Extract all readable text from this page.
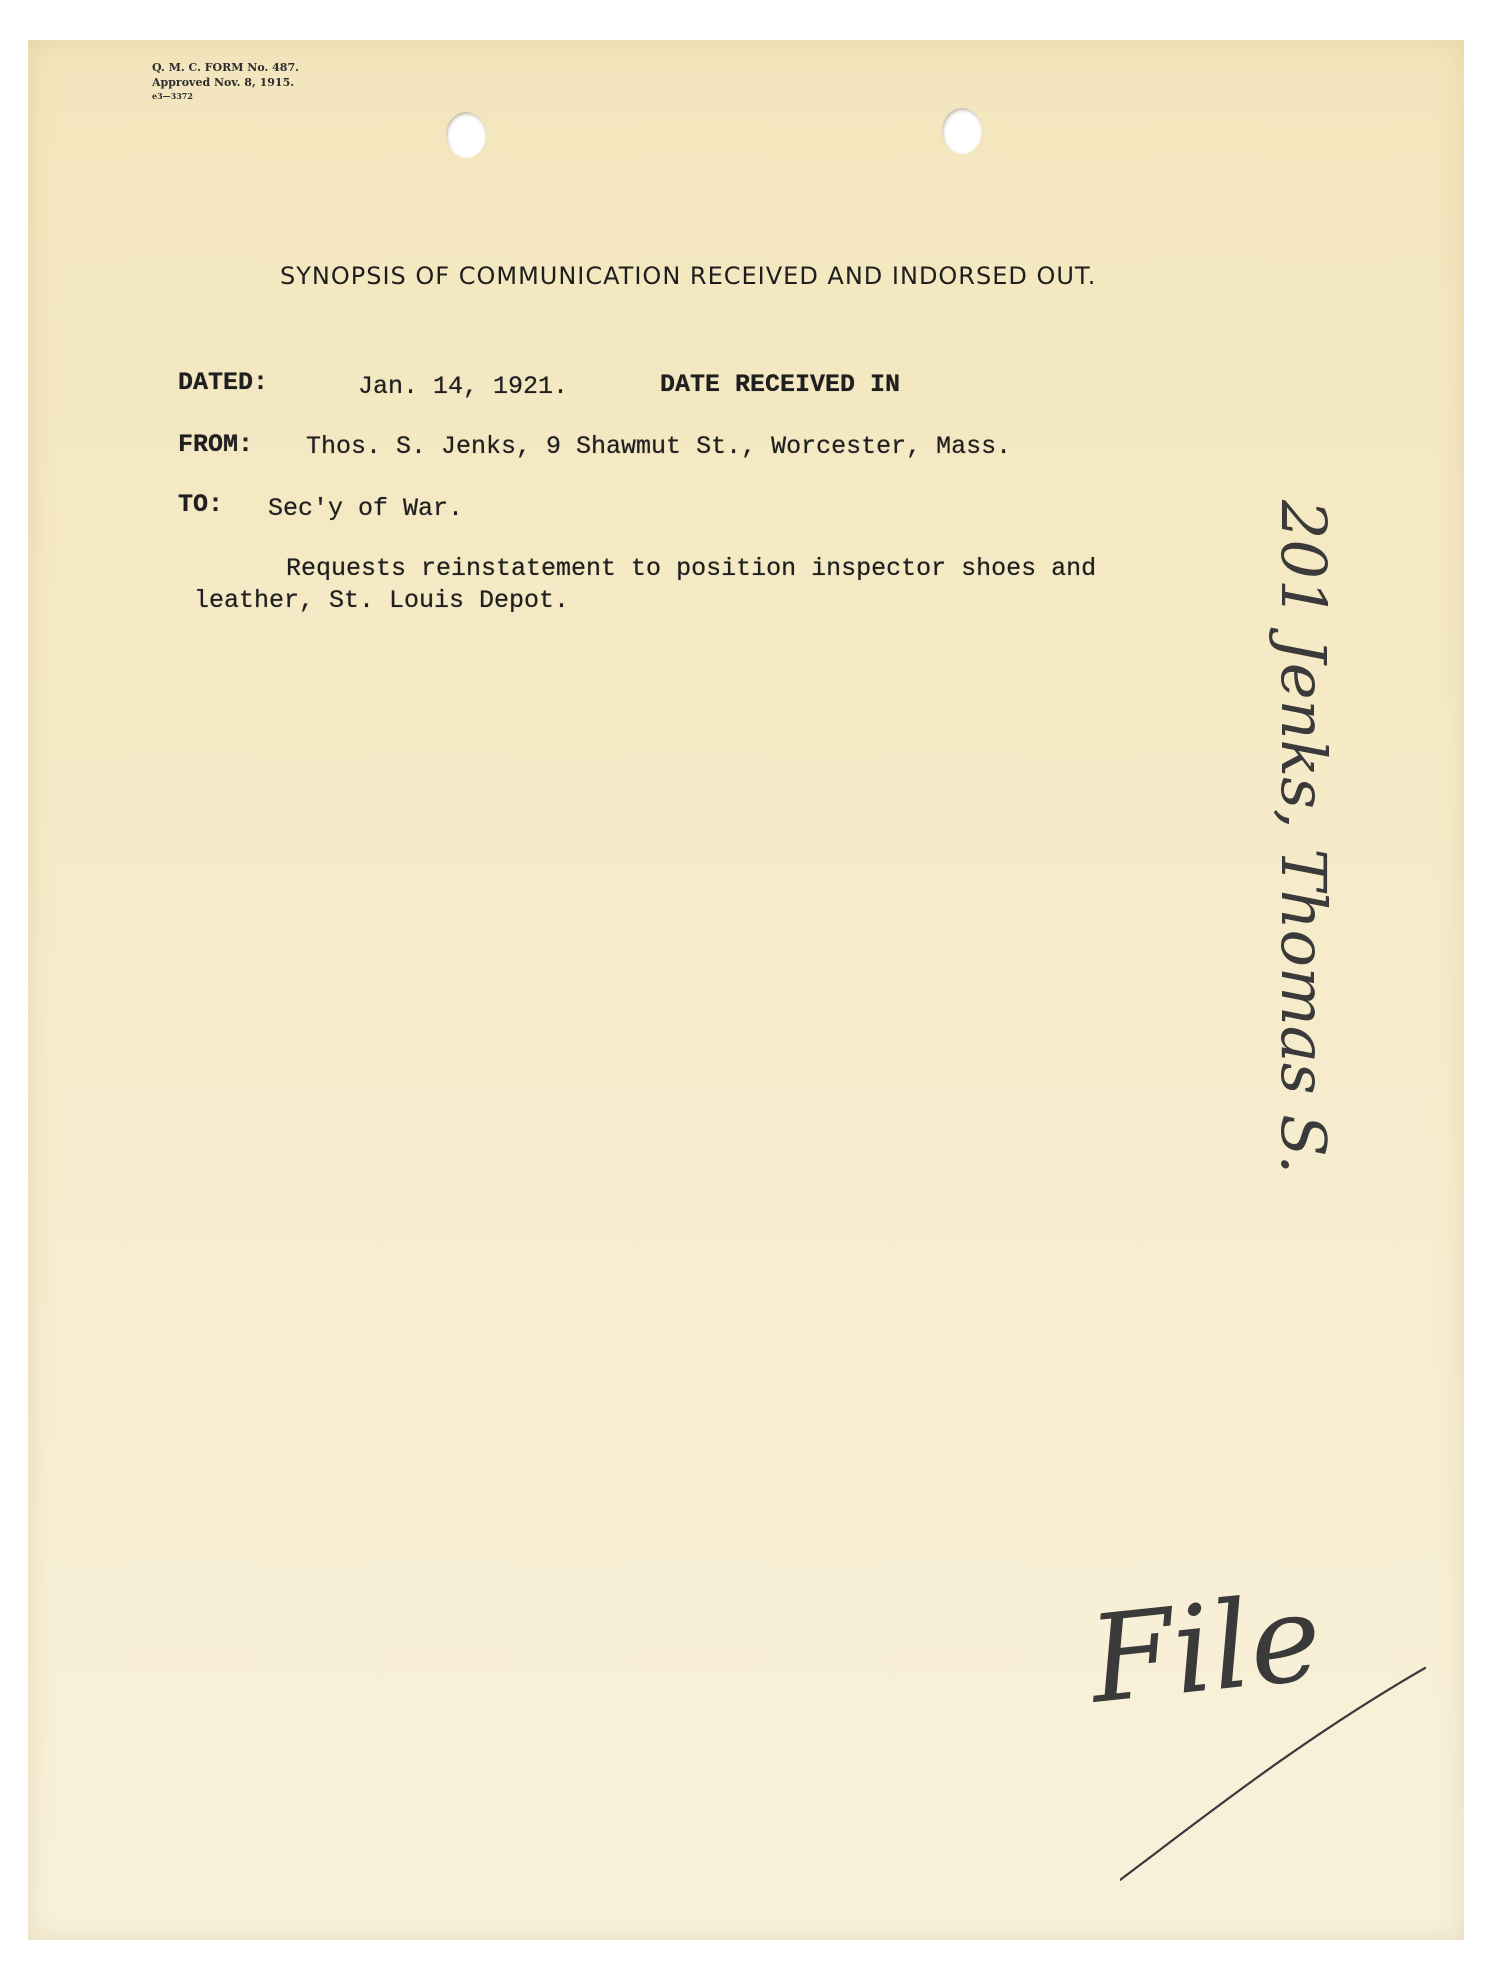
Q. M. C. FORM No. 487.
Approved Nov. 8, 1915.
e3—3372
SYNOPSIS OF COMMUNICATION RECEIVED AND INDORSED OUT.
DATED:	Jan. 14, 1921.	DATE RECEIVED IN
FROM: Thos. S. Jenks, 9 Shawmut St., Worcester, Mass.
TO: Sec'y of War.
Requests reinstatement to position inspector shoes and
leather, St. Louis Depot.	201 Jenks, Thomas S.
File
